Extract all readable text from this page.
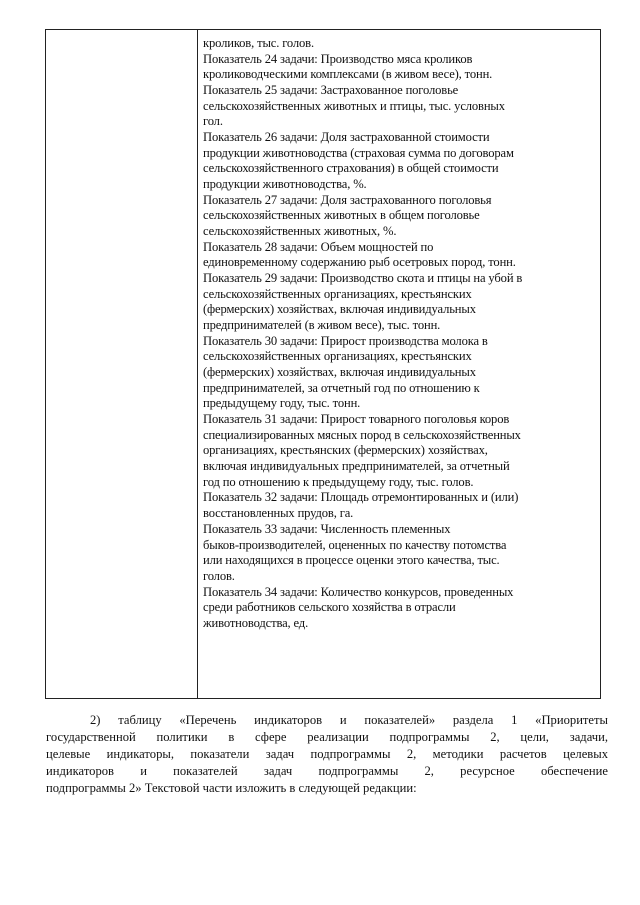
кроликов, тыс. голов.
Показатель 24 задачи: Производство мяса кроликов
кролиководческими комплексами (в живом весе), тонн.
Показатель 25 задачи: Застрахованное поголовье
сельскохозяйственных животных и птицы, тыс. условных
гол.
Показатель 26 задачи: Доля застрахованной стоимости
продукции животноводства (страховая сумма по договорам
сельскохозяйственного страхования) в общей стоимости
продукции животноводства, %.
Показатель 27 задачи: Доля застрахованного поголовья
сельскохозяйственных животных в общем поголовье
сельскохозяйственных животных, %.
Показатель 28 задачи: Объем мощностей по
единовременному содержанию рыб осетровых пород, тонн.
Показатель 29 задачи: Производство скота и птицы на убой в
сельскохозяйственных организациях, крестьянских
(фермерских) хозяйствах, включая индивидуальных
предпринимателей (в живом весе), тыс. тонн.
Показатель 30 задачи: Прирост производства молока в
сельскохозяйственных организациях, крестьянских
(фермерских) хозяйствах, включая индивидуальных
предпринимателей, за отчетный год по отношению к
предыдущему году, тыс. тонн.
Показатель 31 задачи: Прирост товарного поголовья коров
специализированных мясных пород в сельскохозяйственных
организациях, крестьянских (фермерских) хозяйствах,
включая индивидуальных предпринимателей, за отчетный
год по отношению к предыдущему году, тыс. голов.
Показатель 32 задачи: Площадь отремонтированных и (или)
восстановленных прудов, га.
Показатель 33 задачи: Численность племенных
быков-производителей, оцененных по качеству потомства
или находящихся в процессе оценки этого качества, тыс.
голов.
Показатель 34 задачи: Количество конкурсов, проведенных
среди работников сельского хозяйства в отрасли
животноводства, ед.
2) таблицу «Перечень индикаторов и показателей» раздела 1 «Приоритеты
государственной политики в сфере реализации подпрограммы 2, цели, задачи,
целевые индикаторы, показатели задач подпрограммы 2, методики расчетов целевых
индикаторов и показателей задач подпрограммы 2, ресурсное обеспечение
подпрограммы 2» Текстовой части изложить в следующей редакции:
